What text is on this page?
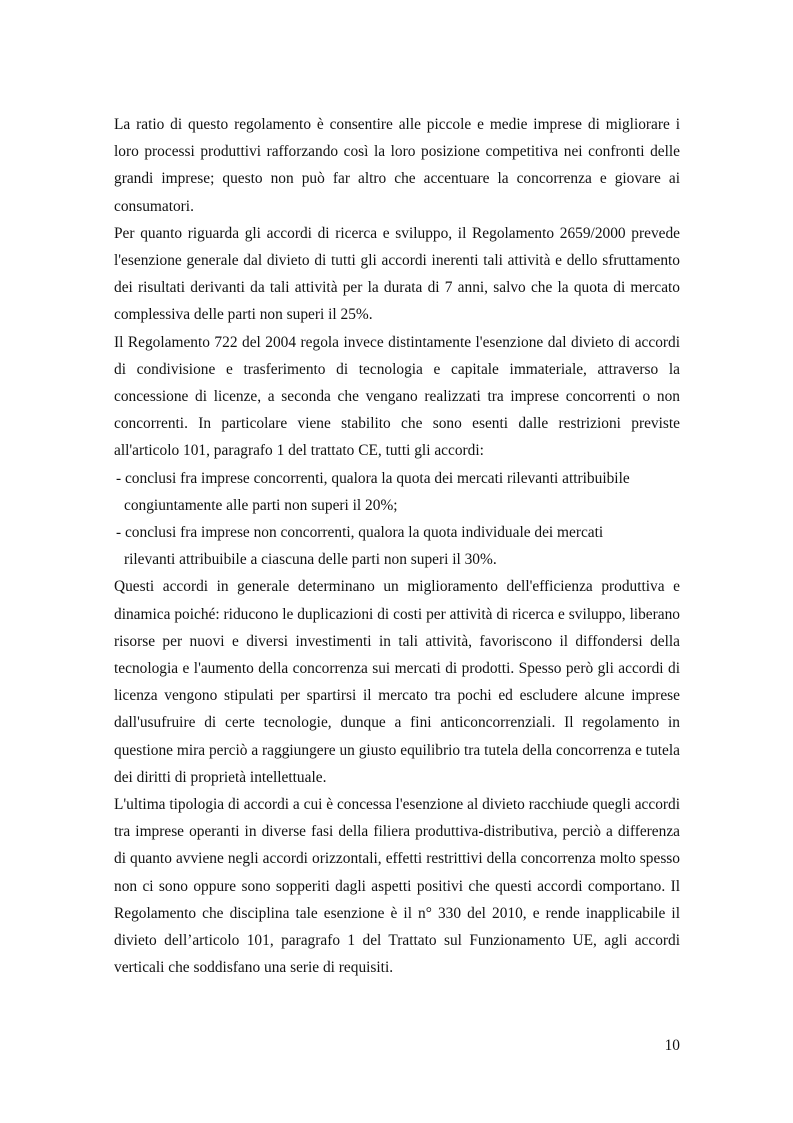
La ratio di questo regolamento è consentire alle piccole e medie imprese di migliorare i loro processi produttivi rafforzando così la loro posizione competitiva nei confronti delle grandi imprese; questo non può far altro che accentuare la concorrenza e giovare ai consumatori.

Per quanto riguarda gli accordi di ricerca e sviluppo, il Regolamento 2659/2000 prevede l'esenzione generale dal divieto di tutti gli accordi inerenti tali attività e dello sfruttamento dei risultati derivanti da tali attività per la durata di 7 anni, salvo che la quota di mercato complessiva delle parti non superi il 25%.

Il Regolamento 722 del 2004 regola invece distintamente l'esenzione dal divieto di accordi di condivisione e trasferimento di tecnologia e capitale immateriale, attraverso la concessione di licenze, a seconda che vengano realizzati tra imprese concorrenti o non concorrenti. In particolare viene stabilito che sono esenti dalle restrizioni previste all'articolo 101, paragrafo 1 del trattato CE, tutti gli accordi:

- conclusi fra imprese concorrenti, qualora la quota dei mercati rilevanti attribuibile

congiuntamente alle parti non superi il 20%;

- conclusi fra imprese non concorrenti, qualora la quota individuale dei mercati

rilevanti attribuibile a ciascuna delle parti non superi il 30%.

Questi accordi in generale determinano un miglioramento dell'efficienza produttiva e dinamica poiché: riducono le duplicazioni di costi per attività di ricerca e sviluppo, liberano risorse per nuovi e diversi investimenti in tali attività, favoriscono il diffondersi della tecnologia e l'aumento della concorrenza sui mercati di prodotti. Spesso però gli accordi di licenza vengono stipulati per spartirsi il mercato tra pochi ed escludere alcune imprese dall'usufruire di certe tecnologie, dunque a fini anticoncorrenziali. Il regolamento in questione mira perciò a raggiungere un giusto equilibrio tra tutela della concorrenza e tutela dei diritti di proprietà intellettuale.

L'ultima tipologia di accordi a cui è concessa l'esenzione al divieto racchiude quegli accordi tra imprese operanti in diverse fasi della filiera produttiva-distributiva, perciò a differenza di quanto avviene negli accordi orizzontali, effetti restrittivi della concorrenza molto spesso non ci sono oppure sono sopperiti dagli aspetti positivi che questi accordi comportano. Il Regolamento che disciplina tale esenzione è il n° 330 del 2010, e rende inapplicabile il divieto dell’articolo 101, paragrafo 1 del Trattato sul Funzionamento UE, agli accordi verticali che soddisfano una serie di requisiti.

10
